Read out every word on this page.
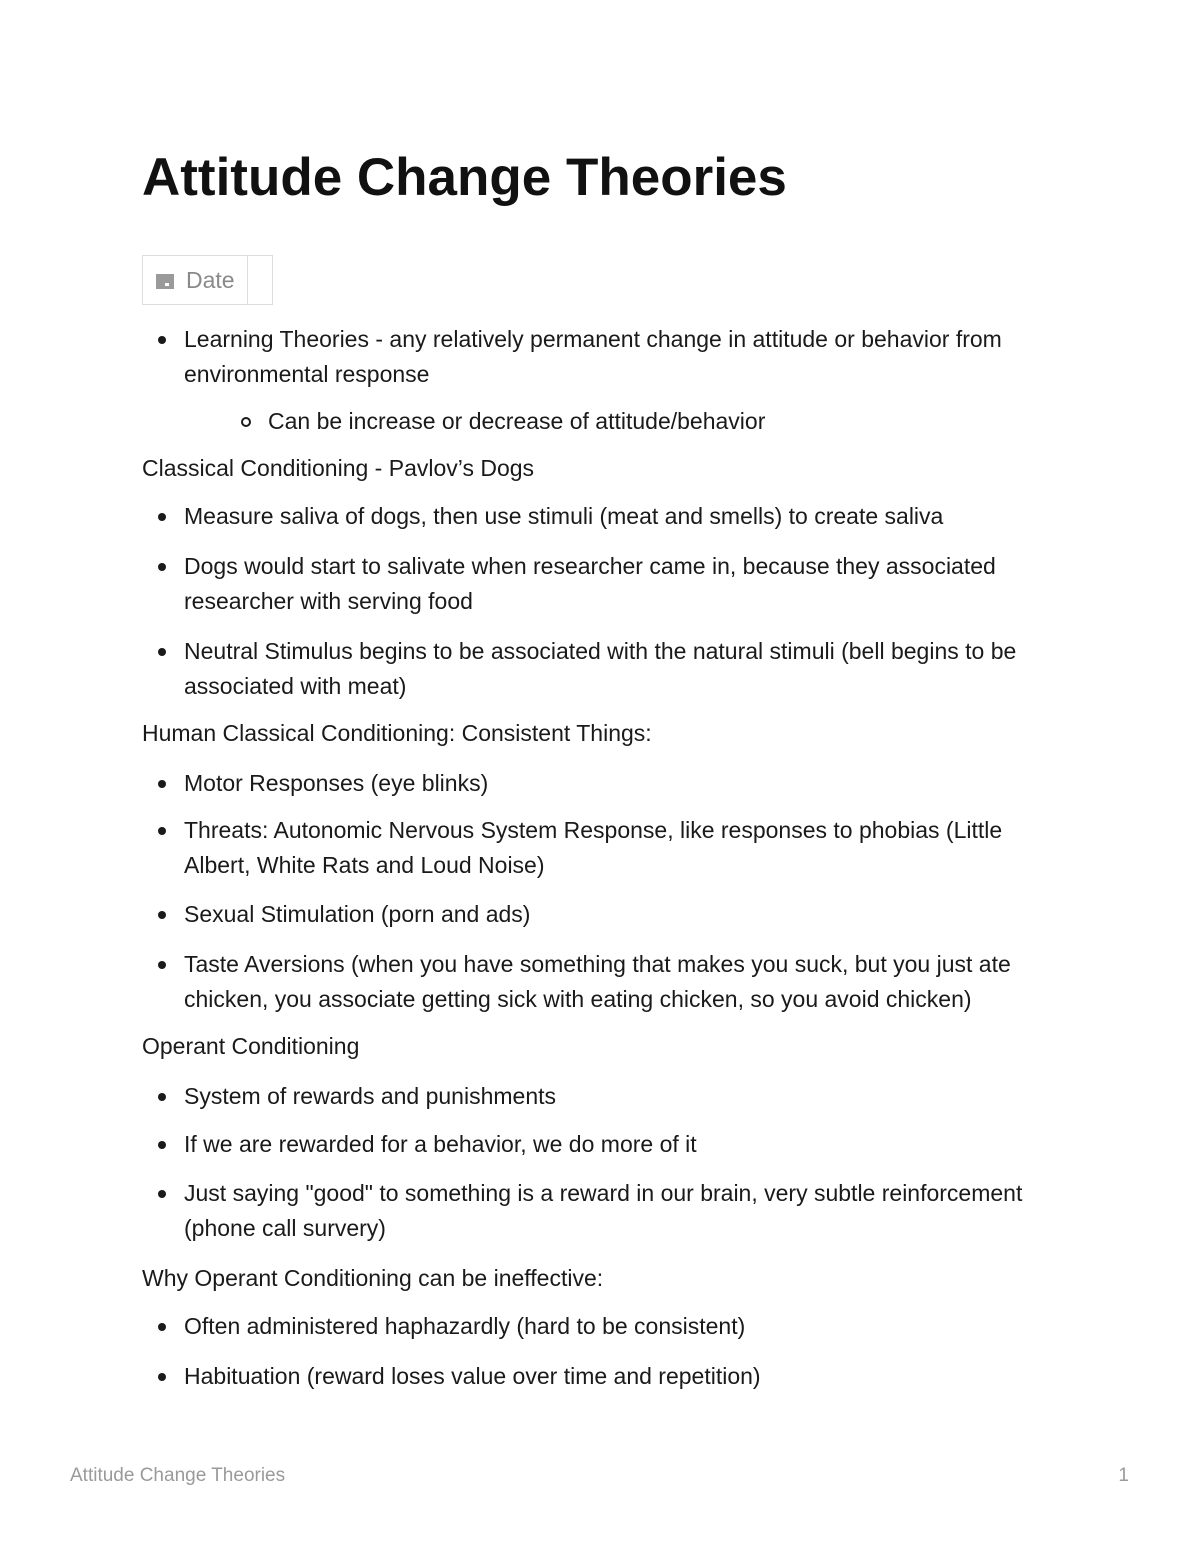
Attitude Change Theories
Date
Learning Theories - any relatively permanent change in attitude or behavior from environmental response
Can be increase or decrease of attitude/behavior

Classical Conditioning - Pavlov’s Dogs

Measure saliva of dogs, then use stimuli (meat and smells) to create saliva
Dogs would start to salivate when researcher came in, because they associated researcher with serving food
Neutral Stimulus begins to be associated with the natural stimuli (bell begins to be associated with meat)

Human Classical Conditioning: Consistent Things:

Motor Responses (eye blinks)
Threats: Autonomic Nervous System Response, like responses to phobias (Little Albert, White Rats and Loud Noise)
Sexual Stimulation (porn and ads)
Taste Aversions (when you have something that makes you suck, but you just ate chicken, you associate getting sick with eating chicken, so you avoid chicken)

Operant Conditioning

System of rewards and punishments
If we are rewarded for a behavior, we do more of it
Just saying "good" to something is a reward in our brain, very subtle reinforcement (phone call survery)

Why Operant Conditioning can be ineffective:

Often administered haphazardly (hard to be consistent)
Habituation (reward loses value over time and repetition)
Attitude Change Theories	1
